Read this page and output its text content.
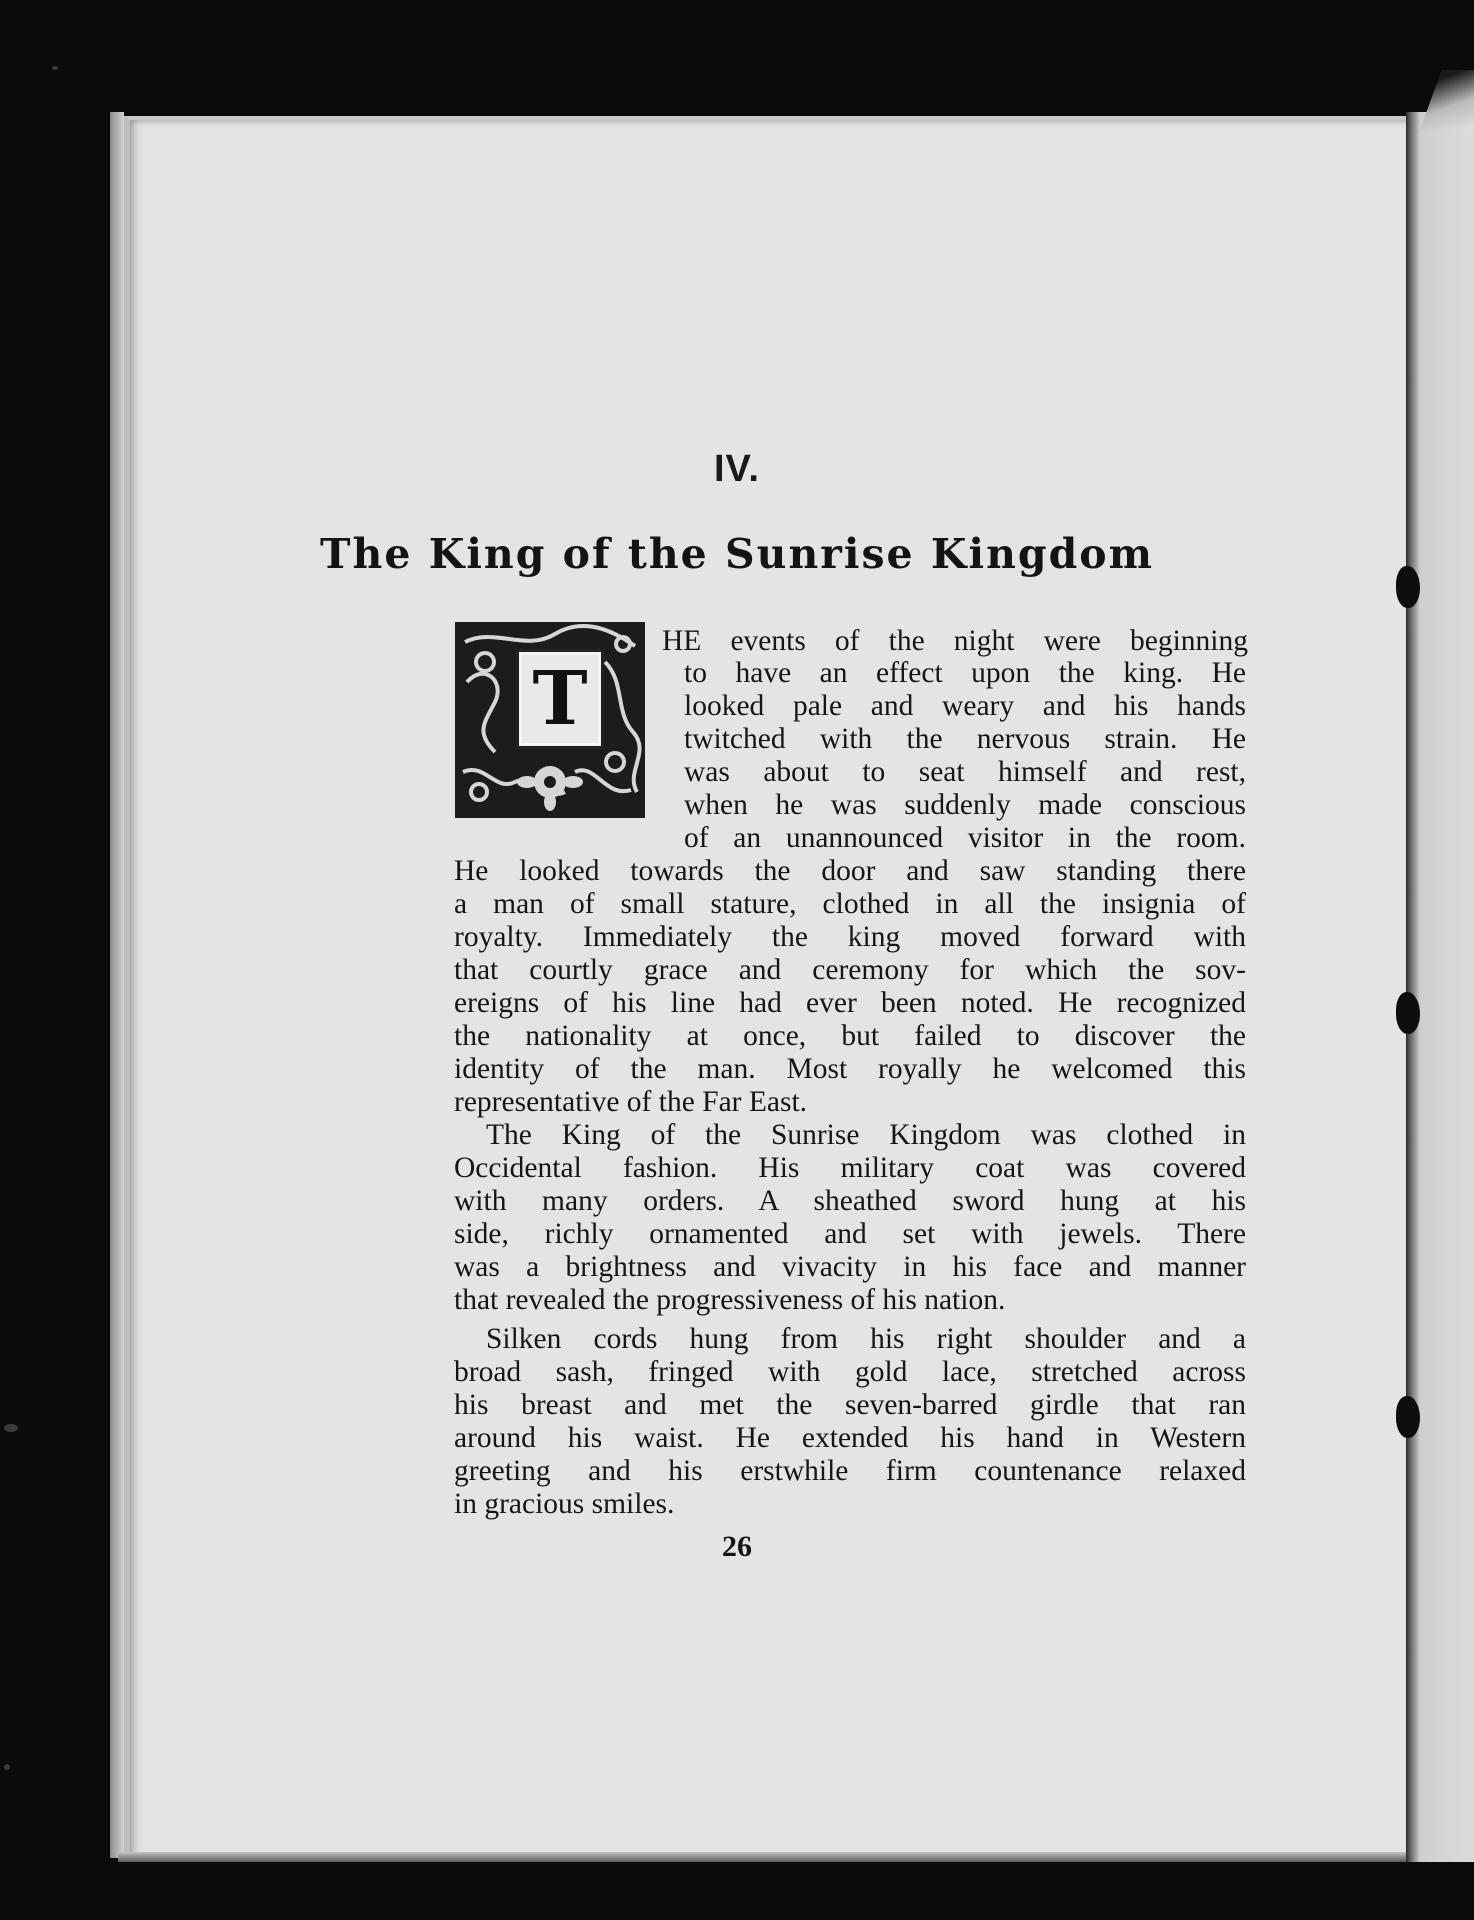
IV.
The King of the Sunrise Kingdom
T

HE events of the night were beginning

to have an effect upon the king. He

looked pale and weary and his hands

twitched with the nervous strain. He

was about to seat himself and rest,

when he was suddenly made conscious

of an unannounced visitor in the room.

He looked towards the door and saw standing there

a man of small stature, clothed in all the insignia of

royalty. Immediately the king moved forward with

that courtly grace and ceremony for which the sov-

ereigns of his line had ever been noted. He recognized

the nationality at once, but failed to discover the

identity of the man. Most royally he welcomed this

representative of the Far East.

The King of the Sunrise Kingdom was clothed in

Occidental fashion. His military coat was covered

with many orders. A sheathed sword hung at his

side, richly ornamented and set with jewels. There

was a brightness and vivacity in his face and manner

that revealed the progressiveness of his nation.

Silken cords hung from his right shoulder and a

broad sash, fringed with gold lace, stretched across

his breast and met the seven-barred girdle that ran

around his waist. He extended his hand in Western

greeting and his erstwhile firm countenance relaxed

in gracious smiles.

26
